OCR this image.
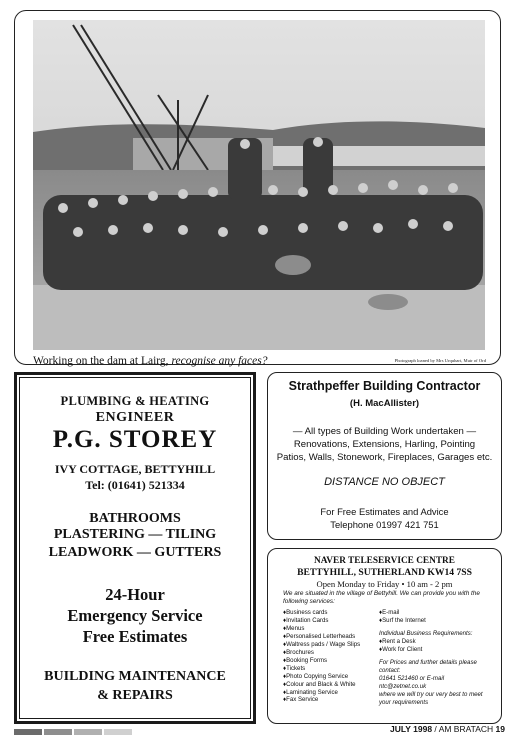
Working on the dam at Lairg, recognise any faces?	Photograph loaned by Mrs Urquhart, Muir of Ord
PLUMBING & HEATING
ENGINEER
P.G. STOREY
IVY COTTAGE, BETTYHILL
Tel: (01641) 521334
BATHROOMS
PLASTERING — TILING
LEADWORK — GUTTERS
24-Hour
Emergency Service
Free Estimates
BUILDING MAINTENANCE
& REPAIRS
Strathpeffer Building Contractor
(H. MacAllister)
— All types of Building Work undertaken —
Renovations, Extensions, Harling, Pointing
Patios, Walls, Stonework, Fireplaces, Garages etc.
DISTANCE NO OBJECT
For Free Estimates and Advice
Telephone 01997 421 751
NAVER TELESERVICE CENTRE
BETTYHILL, SUTHERLAND KW14 7SS
Open Monday to Friday • 10 am - 2 pm
We are situated in the village of Bettyhill. We can provide you with the
following services:
♦Business cards
♦Invitation Cards
♦Menus
♦Personalised Letterheads
♦Waltress pads / Wage Slips
♦Brochures
♦Booking Forms
♦Tickets
♦Photo Copying Service
♦Colour and Black & White
♦Laminating Service
♦Fax Service
♦E-mail
♦Surf the Internet

Individual Business Requirements:

♦Rent a Desk
♦Work for Client

For Prices and further details please

contact:

01641 521460 or E-mail

ntc@zetnet.co.uk

where we will try our very best to meet

your requirements

JULY 1998 / AM BRATACH 19
